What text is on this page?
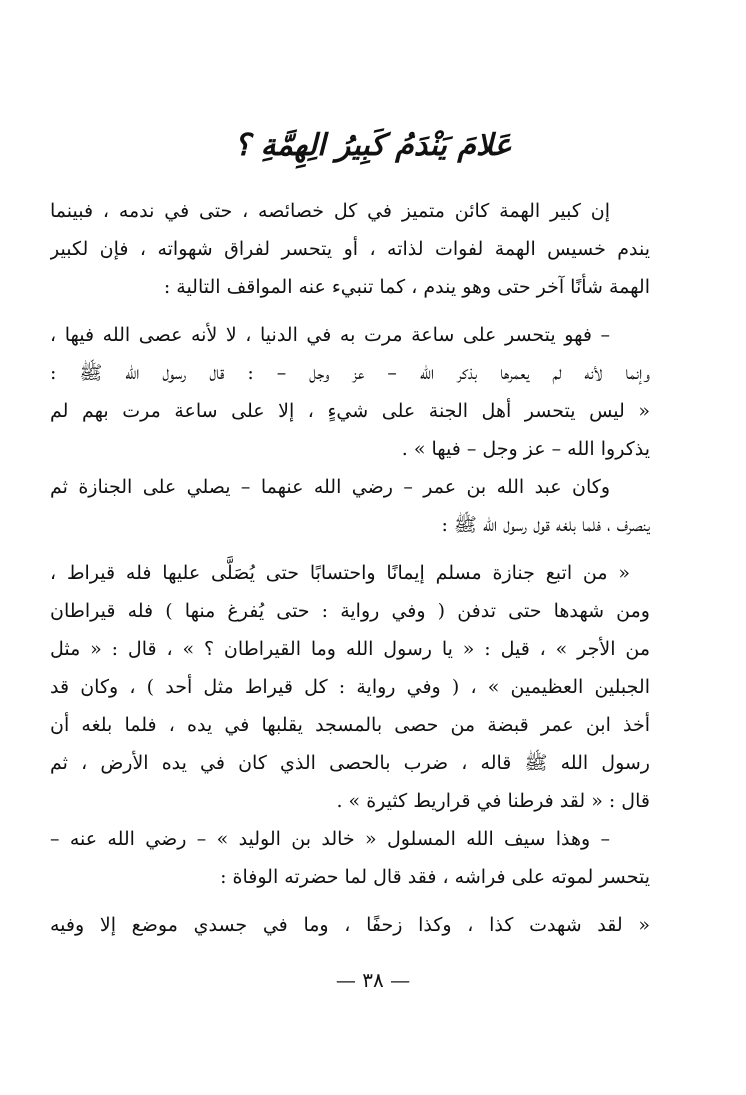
عَلامَ يَنْدَمُ كَبِيرُ الِهِمَّةِ ؟
إن كبير الهمة كائن متميز في كل خصائصه ، حتى في ندمه ، فبينما
يندم خسيس الهمة لفوات لذاته ، أو يتحسر لفراق شهواته ، فإن لكبير
الهمة شأنًا آخر حتى وهو يندم ، كما تنبيء عنه المواقف التالية :
– فهو يتحسر على ساعة مرت به في الدنيا ، لا لأنه عصى الله فيها ،
وإنما لأنه لم يعمرها بذكر الله – عز وجل – : قال رسول الله ﷺ :
« ليس يتحسر أهل الجنة على شيءٍ ، إلا على ساعة مرت بهم لم
يذكروا الله – عز وجل – فيها » .
وكان عبد الله بن عمر – رضي الله عنهما – يصلي على الجنازة ثم
ينصرف ، فلما بلغه قول رسول الله ﷺ :
« من اتبع جنازة مسلم إيمانًا واحتسابًا حتى يُصَلَّى عليها فله قيراط ،
ومن شهدها حتى تدفن ( وفي رواية : حتى يُفرغ منها ) فله قيراطان
من الأجر » ، قيل : « يا رسول الله وما القيراطان ؟ » ، قال : « مثل
الجبلين العظيمين » ، ( وفي رواية : كل قيراط مثل أحد ) ، وكان قد
أخذ ابن عمر قبضة من حصى بالمسجد يقلبها في يده ، فلما بلغه أن
رسول الله ﷺ قاله ، ضرب بالحصى الذي كان في يده الأرض ، ثم
قال : « لقد فرطنا في قراريط كثيرة » .
– وهذا سيف الله المسلول « خالد بن الوليد » – رضي الله عنه –
يتحسر لموته على فراشه ، فقد قال لما حضرته الوفاة :
« لقد شهدت كذا ، وكذا زحفًا ، وما في جسدي موضع إلا وفيه
— ٣٨ —
